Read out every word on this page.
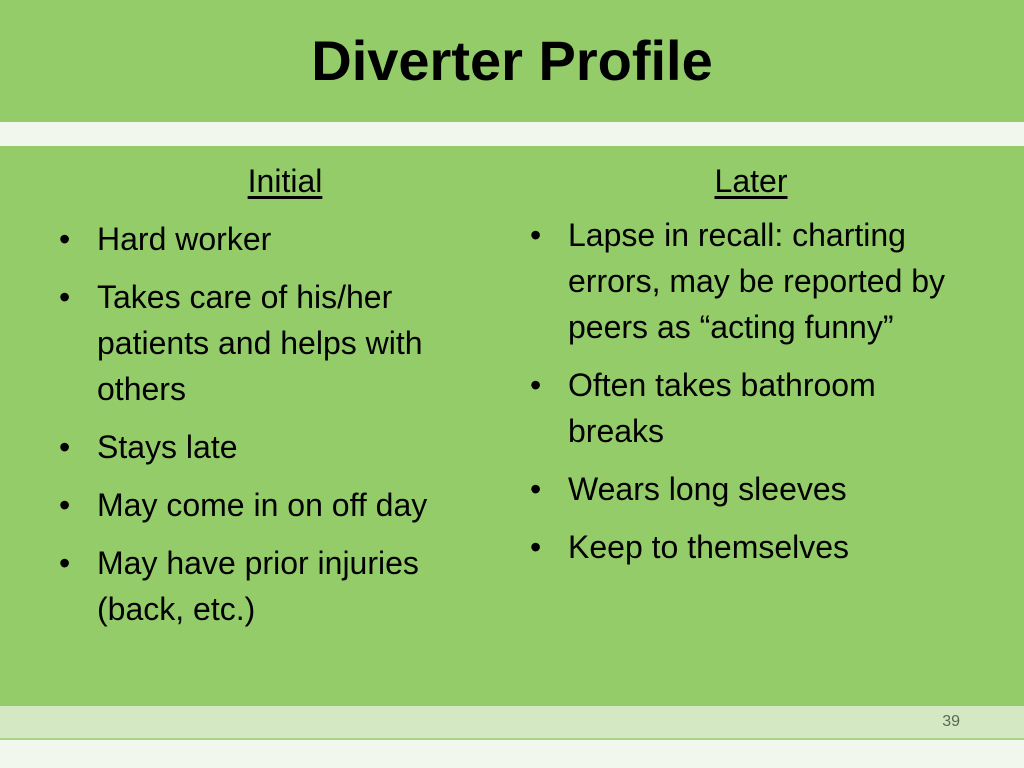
Diverter Profile
Initial
• Hard worker
• Takes care of his/her patients and helps with others
• Stays late
• May come in on off day
• May have prior injuries (back, etc.)
Later
• Lapse in recall: charting errors, may be reported by peers as “acting funny”
• Often takes bathroom breaks
• Wears long sleeves
• Keep to themselves
39
